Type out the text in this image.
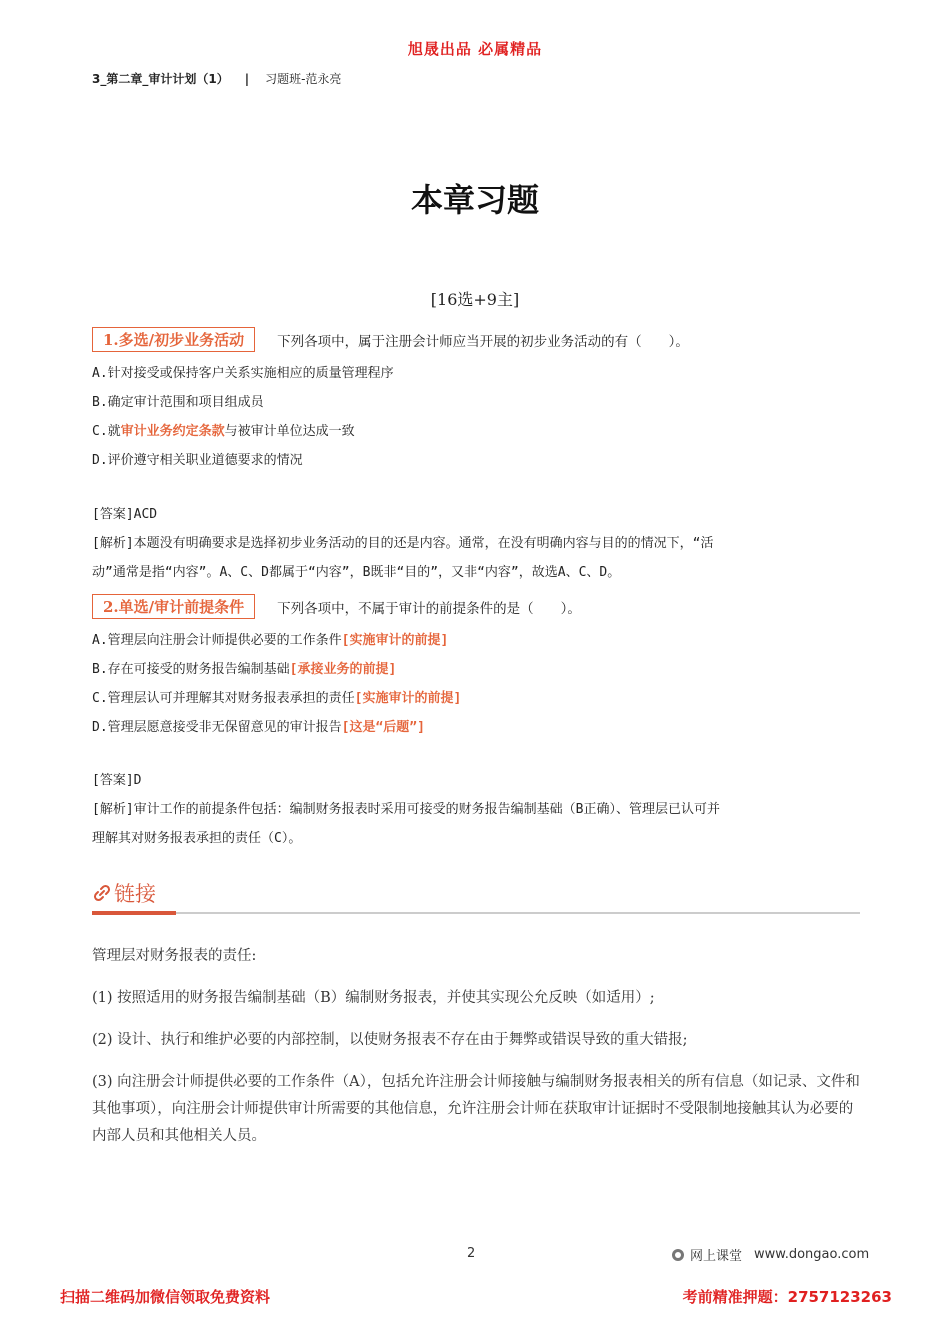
旭晟出品 必属精品
3_第二章_审计计划（1） | 习题班-范永亮
本章习题
[16选+9主]
1.多选/初步业务活动	下列各项中，属于注册会计师应当开展的初步业务活动的有（　　）。
A.针对接受或保持客户关系实施相应的质量管理程序
B.确定审计范围和项目组成员
C.就审计业务约定条款与被审计单位达成一致
D.评价遵守相关职业道德要求的情况
[答案]ACD
[解析]本题没有明确要求是选择初步业务活动的目的还是内容。通常，在没有明确内容与目的的情况下，“活
动”通常是指“内容”。A、C、D都属于“内容”，B既非“目的”，又非“内容”，故选A、C、D。
2.单选/审计前提条件	下列各项中，不属于审计的前提条件的是（　　）。
A.管理层向注册会计师提供必要的工作条件[实施审计的前提]
B.存在可接受的财务报告编制基础[承接业务的前提]
C.管理层认可并理解其对财务报表承担的责任[实施审计的前提]
D.管理层愿意接受非无保留意见的审计报告[这是“后题”]
[答案]D
[解析]审计工作的前提条件包括：编制财务报表时采用可接受的财务报告编制基础（B正确）、管理层已认可并
理解其对财务报表承担的责任（C）。
链接
管理层对财务报表的责任:
(1) 按照适用的财务报告编制基础（B）编制财务报表，并使其实现公允反映（如适用）;
(2) 设计、执行和维护必要的内部控制，以使财务报表不存在由于舞弊或错误导致的重大错报;
(3) 向注册会计师提供必要的工作条件（A），包括允许注册会计师接触与编制财务报表相关的所有信息（如记录、文件和其他事项），向注册会计师提供审计所需要的其他信息，允许注册会计师在获取审计证据时不受限制地接触其认为必要的内部人员和其他相关人员。
2	网上课堂 www.dongao.com
扫描二维码加微信领取免费资料	考前精准押题：2757123263
